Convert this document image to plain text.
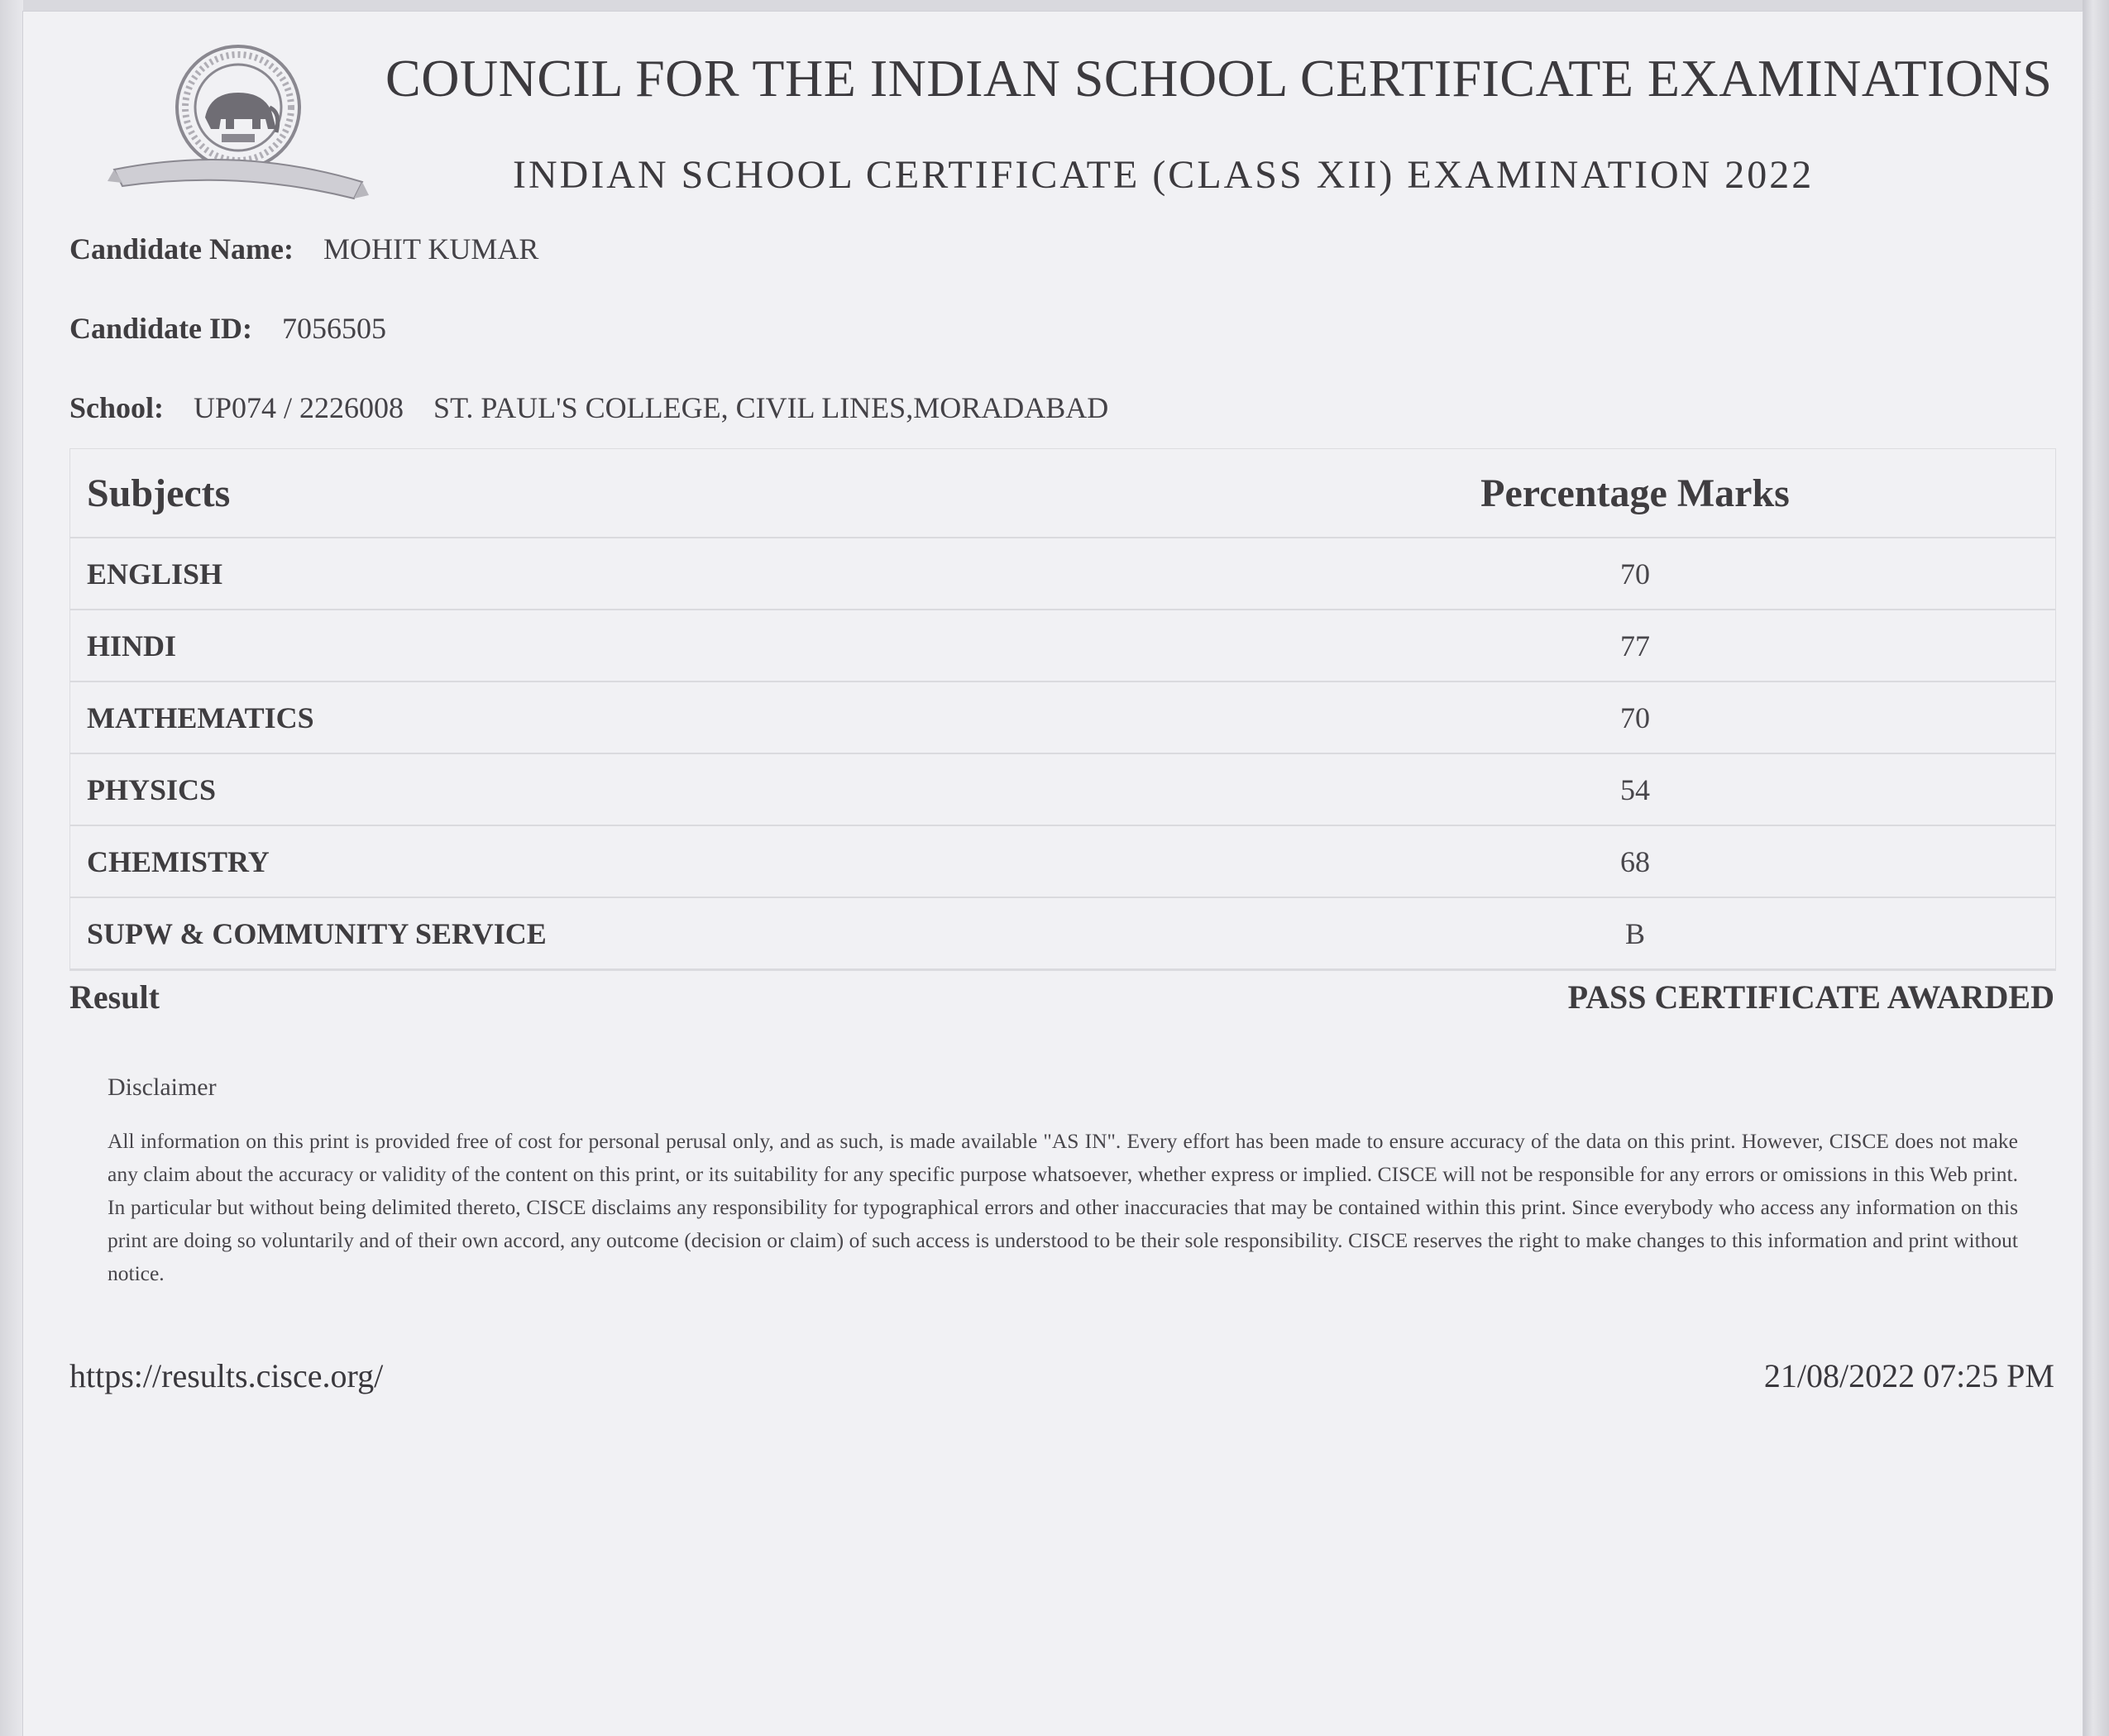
COUNCIL FOR THE INDIAN SCHOOL CERTIFICATE EXAMINATIONS
INDIAN SCHOOL CERTIFICATE (CLASS XII) EXAMINATION 2022
Candidate Name: MOHIT KUMAR
Candidate ID: 7056505
School: UP074 / 2226008 ST. PAUL'S COLLEGE, CIVIL LINES,MORADABAD
Subjects	Percentage Marks
ENGLISH	70
HINDI	77
MATHEMATICS	70
PHYSICS	54
CHEMISTRY	68
SUPW & COMMUNITY SERVICE	B
Result	PASS CERTIFICATE AWARDED
Disclaimer
All information on this print is provided free of cost for personal perusal only, and as such, is made available "AS IN". Every effort has been made to ensure accuracy of the data on this print. However, CISCE does not make any claim about the accuracy or validity of the content on this print, or its suitability for any specific purpose whatsoever, whether express or implied. CISCE will not be responsible for any errors or omissions in this Web print. In particular but without being delimited thereto, CISCE disclaims any responsibility for typographical errors and other inaccuracies that may be contained within this print. Since everybody who access any information on this print are doing so voluntarily and of their own accord, any outcome (decision or claim) of such access is understood to be their sole responsibility. CISCE reserves the right to make changes to this information and print without notice.
https://results.cisce.org/	21/08/2022 07:25 PM
